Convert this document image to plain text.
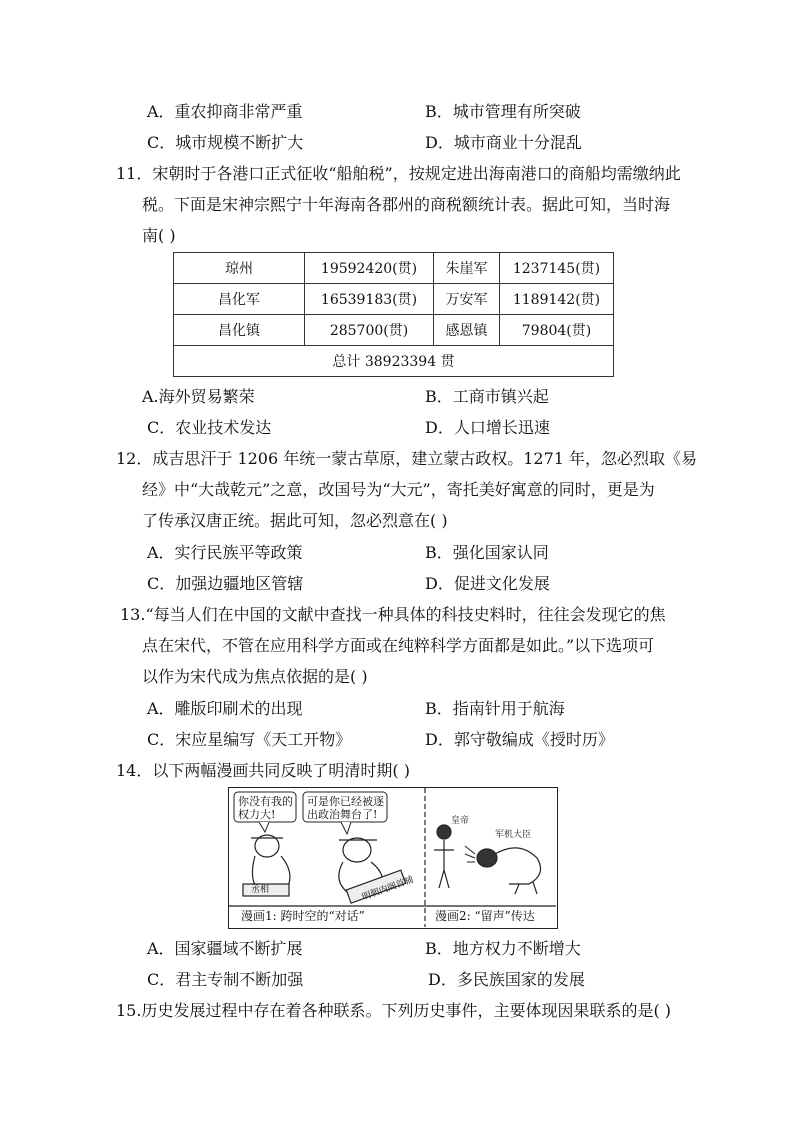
A．重农抑商非常严重	B．城市管理有所突破
C．城市规模不断扩大	D．城市商业十分混乱
11．宋朝时于各港口正式征收“船舶税”，按规定进出海南港口的商船均需缴纳此
税。下面是宋神宗熙宁十年海南各郡州的商税额统计表。据此可知，当时海
南( )
琼州	19592420(贯)	朱崖军	1237145(贯)
昌化军	16539183(贯)	万安军	1189142(贯)
昌化镇	285700(贯)	感恩镇	79804(贯)
总计 38923394 贯			
A.海外贸易繁荣	B．工商市镇兴起
C．农业技术发达	D．人口增长迅速
12．成吉思汗于 1206 年统一蒙古草原，建立蒙古政权。1271 年，忽必烈取《易
经》中“大哉乾元”之意，改国号为“大元”，寄托美好寓意的同时，更是为
了传承汉唐正统。据此可知，忽必烈意在( )
A．实行民族平等政策	B．强化国家认同
C．加强边疆地区管辖	D．促进文化发展
13.“每当人们在中国的文献中查找一种具体的科技史料时，往往会发现它的焦
点在宋代，不管在应用科学方面或在纯粹科学方面都是如此。”以下选项可
以作为宋代成为焦点依据的是( )
A．雕版印刷术的出现	B．指南针用于航海
C．宋应星编写《天工开物》	D．郭守敬编成《授时历》
14．以下两幅漫画共同反映了明清时期( )
你没有我的
权力大!
可是你已经被逐
出政治舞台了!
丞相	明朝内阁首辅
皇帝
军机大臣
漫画1: 跨时空的“对话”	漫画2: “留声”传达
A．国家疆域不断扩展	B．地方权力不断增大
C．君主专制不断加强	D．多民族国家的发展
15.历史发展过程中存在着各种联系。下列历史事件，主要体现因果联系的是( )
